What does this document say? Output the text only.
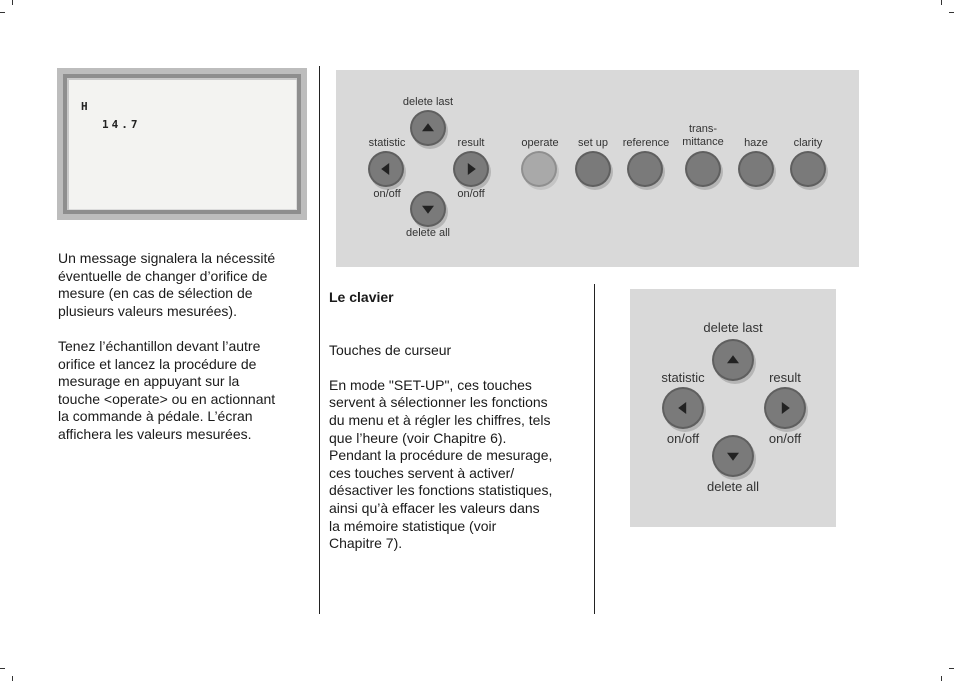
H
14.7

Un message signalera la nécessité
éventuelle de changer d’orifice de
mesure (en cas de sélection de
plusieurs valeurs mesurées).

Tenez l’échantillon devant l’autre
orifice et lancez la procédure de
mesurage en appuyant sur la
touche <operate> ou en actionnant
la commande à pédale. L’écran
affichera les valeurs mesurées.

delete last
statistic
on/off
result
on/off
delete all
operate	set up	reference
trans-
mittance	haze	clarity

Le clavier

Touches de curseur

En mode "SET-UP", ces touches
servent à sélectionner les fonctions
du menu et à régler les chiffres, tels
que l’heure (voir Chapitre 6).
Pendant la procédure de mesurage,
ces touches servent à activer/
désactiver les fonctions statistiques,
ainsi qu’à effacer les valeurs dans
la mémoire statistique (voir
Chapitre 7).

delete last
statistic
on/off
result
on/off
delete all
